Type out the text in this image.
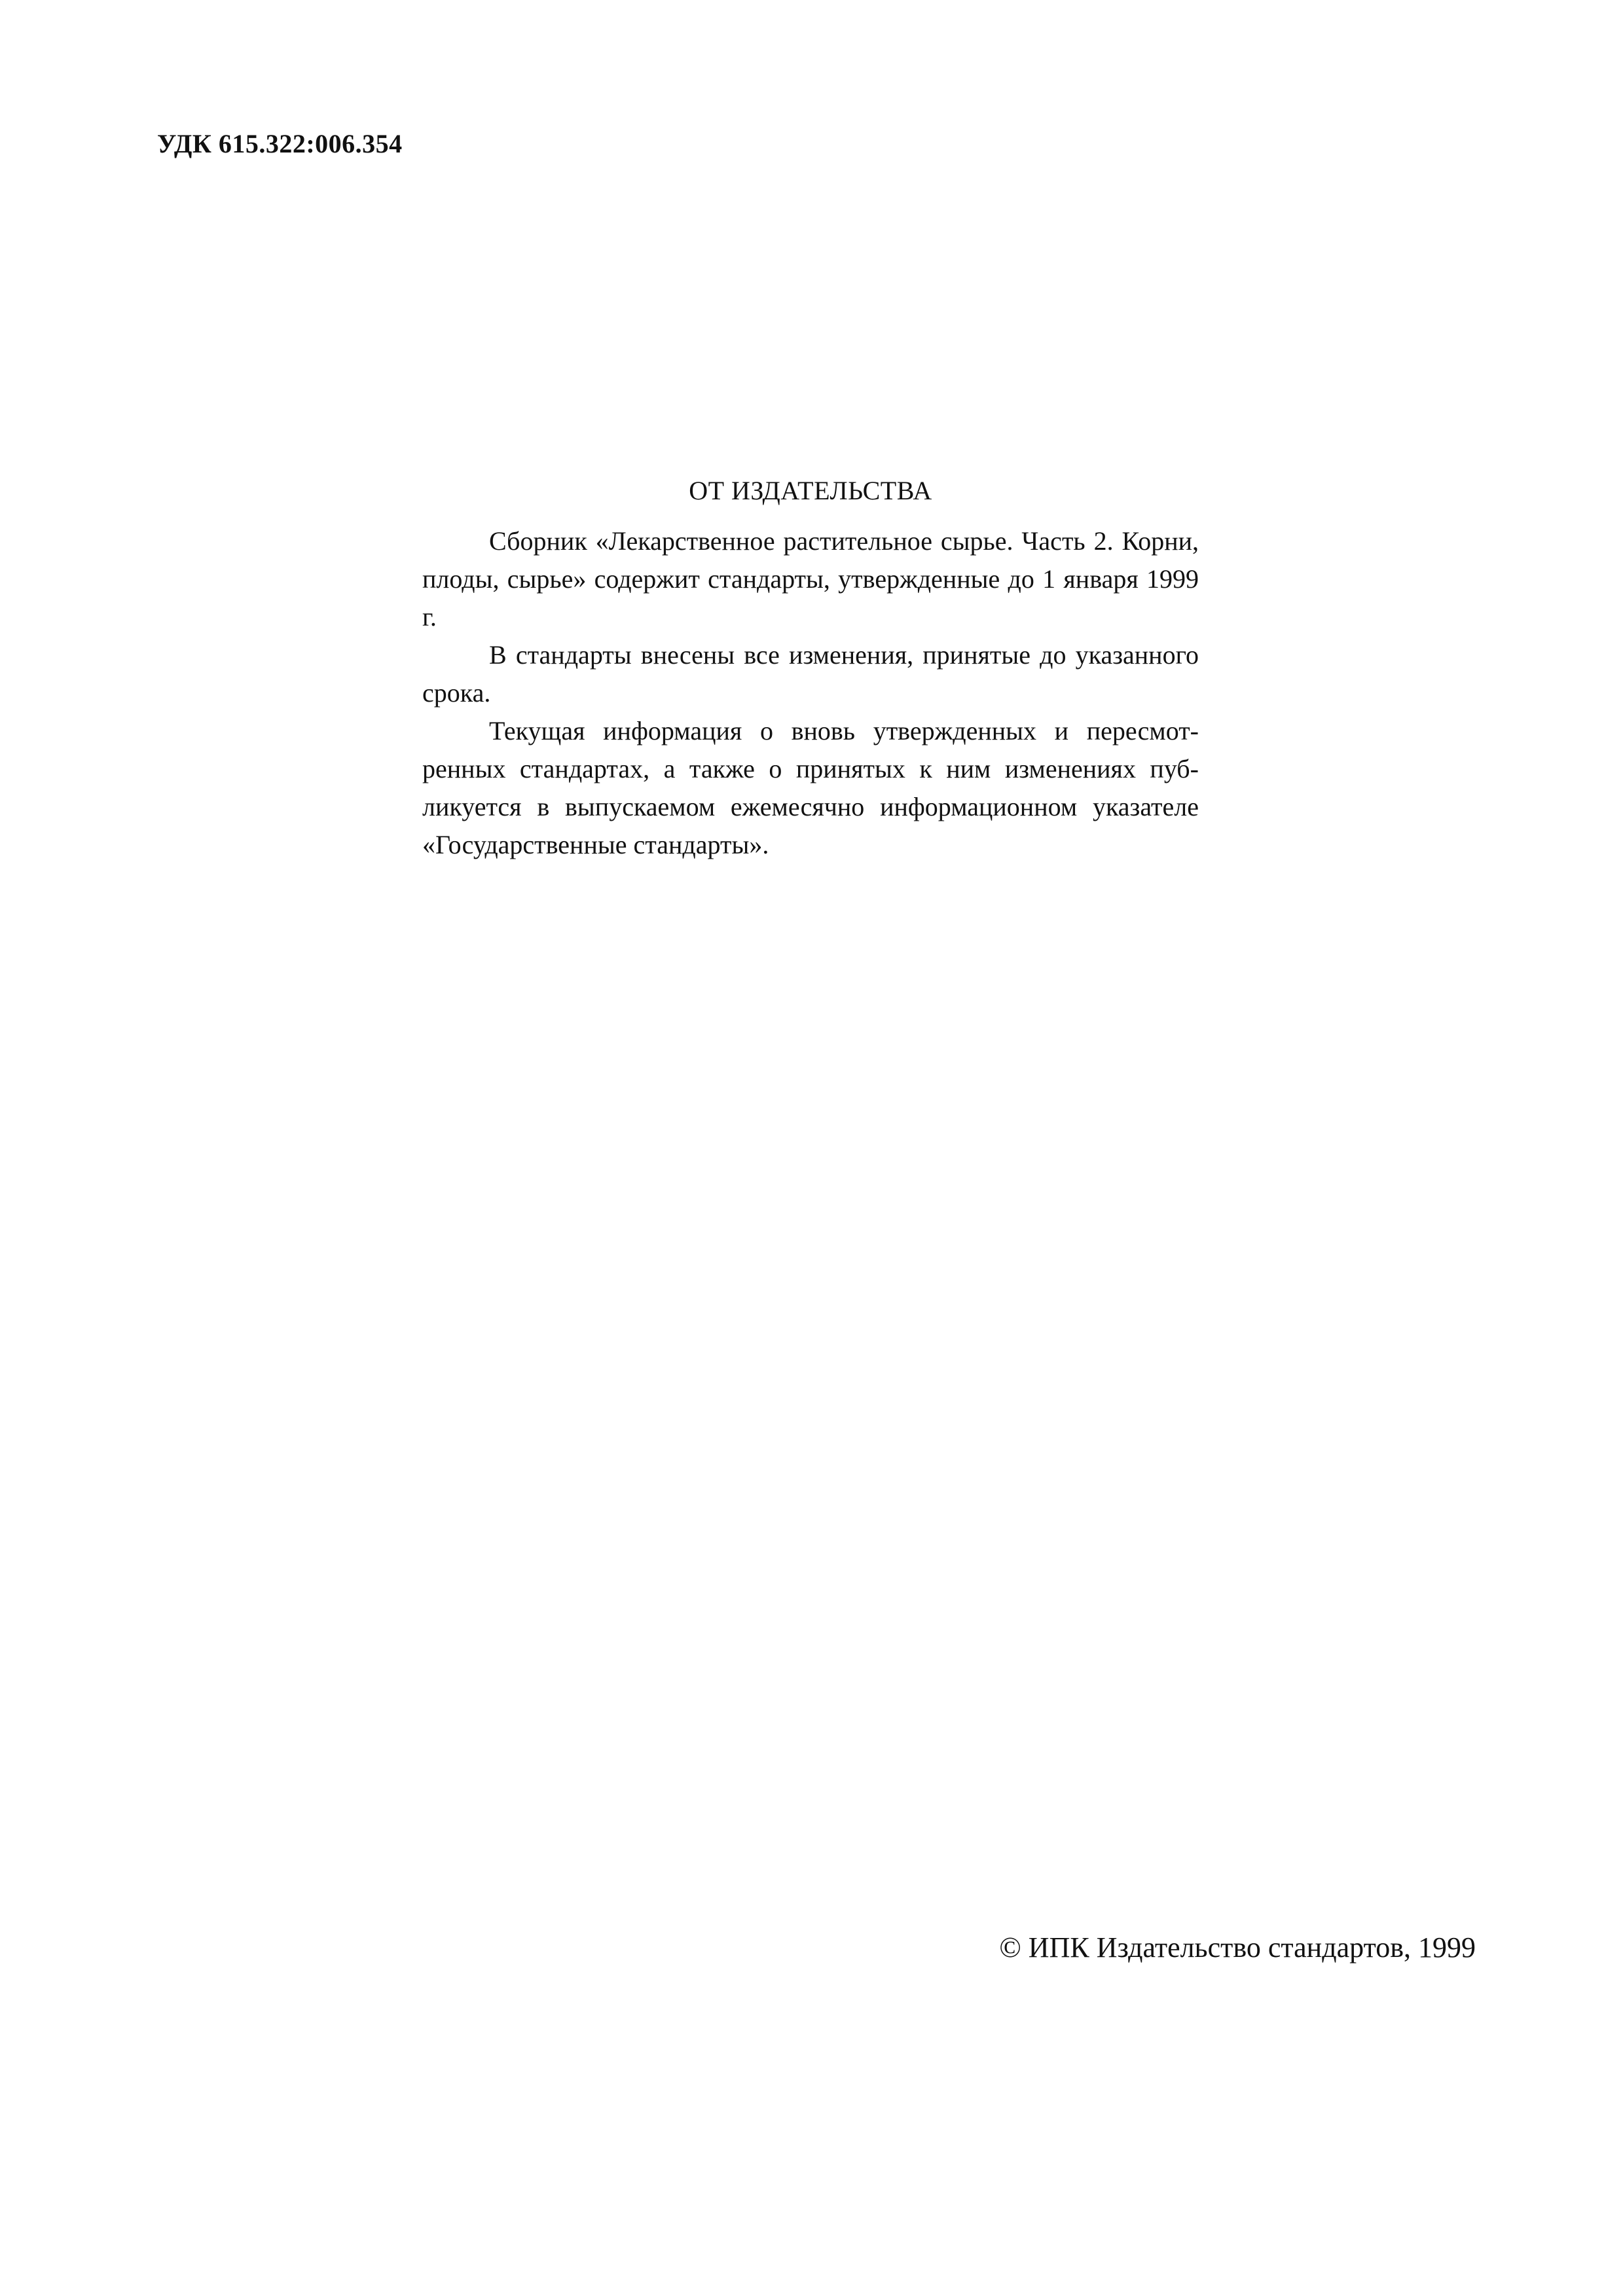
УДК 615.322:006.354
ОТ ИЗДАТЕЛЬСТВА

Сборник «Лекарственное растительное сырье. Часть 2. Корни, плоды, сырье» содержит стандарты, утвержденные до 1 января 1999 г.

В стандарты внесены все изменения, принятые до указанного срока.

Текущая информация о вновь утвержденных и пересмотренных стандартах, а также о принятых к ним изменениях публикуется в выпускаемом ежемесячно информационном указателе «Государственные стандарты».

© ИПК Издательство стандартов, 1999
